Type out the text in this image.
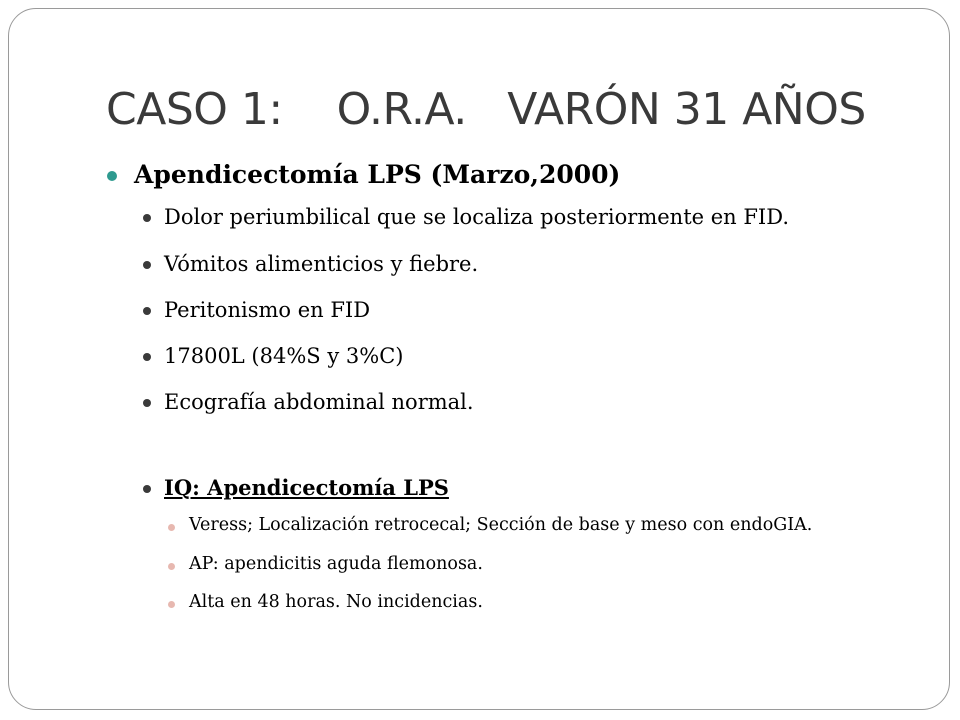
CASO 1:    O.R.A.   VARÓN 31 AÑOS
Apendicectomía LPS (Marzo,2000)
Dolor periumbilical que se localiza posteriormente en FID.
Vómitos alimenticios y fiebre.
Peritonismo en FID
17800L (84%S y 3%C)
Ecografía abdominal normal.
IQ: Apendicectomía LPS
Veress; Localización retrocecal; Sección de base y meso con endoGIA.
AP: apendicitis aguda flemonosa.
Alta en 48 horas. No incidencias.
